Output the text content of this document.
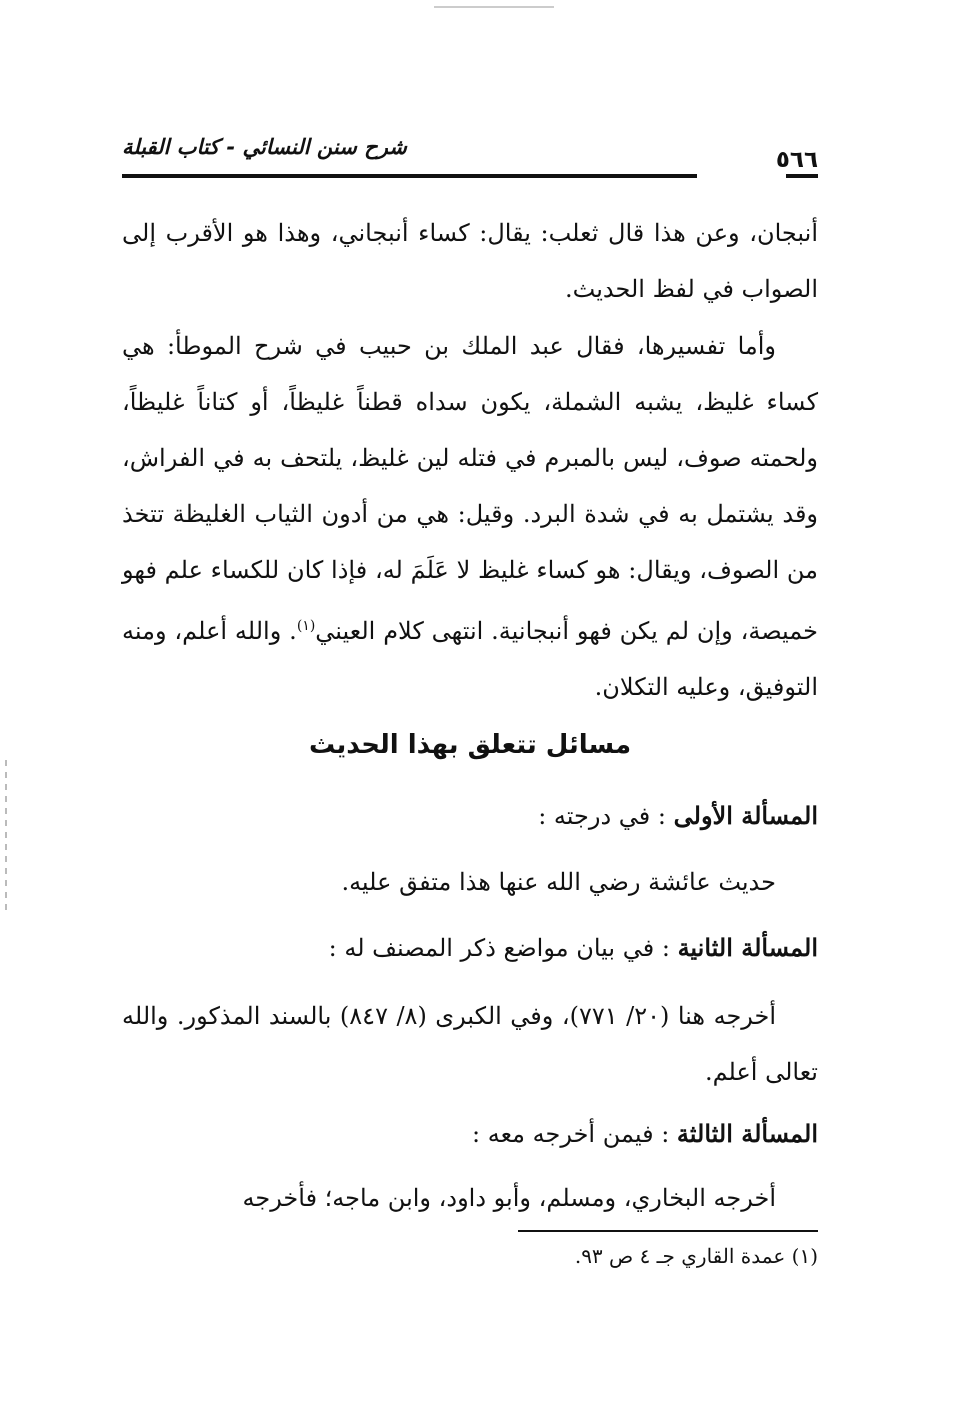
شرح سنن النسائي - كتاب القبلة	٥٦٦
أنبجان، وعن هذا قال ثعلب: يقال: كساء أنبجاني، وهذا هو الأقرب إلى الصواب في لفظ الحديث.
وأما تفسيرها، فقال عبد الملك بن حبيب في شرح الموطأ: هي كساء غليظ، يشبه الشملة، يكون سداه قطناً غليظاً، أو كتاناً غليظاً، ولحمته صوف، ليس بالمبرم في فتله لين غليظ، يلتحف به في الفراش، وقد يشتمل به في شدة البرد. وقيل: هي من أدون الثياب الغليظة تتخذ من الصوف، ويقال: هو كساء غليظ لا عَلَمَ له، فإذا كان للكساء علم فهو خميصة، وإن لم يكن فهو أنبجانية. انتهى كلام العيني$^{(١)}$. والله أعلم، ومنه التوفيق، وعليه التكلان.
مسائل تتعلق بهذا الحديث
المسألة الأولى : في درجته :
حديث عائشة رضي الله عنها هذا متفق عليه.
المسألة الثانية : في بيان مواضع ذكر المصنف له :
أخرجه هنا (٢٠/ ٧٧١)، وفي الكبرى (٨/ ٨٤٧) بالسند المذكور. والله تعالى أعلم.
المسألة الثالثة : فيمن أخرجه معه :
أخرجه البخاري، ومسلم، وأبو داود، وابن ماجه؛ فأخرجه
(١) عمدة القاري جـ ٤ ص ٩٣.
